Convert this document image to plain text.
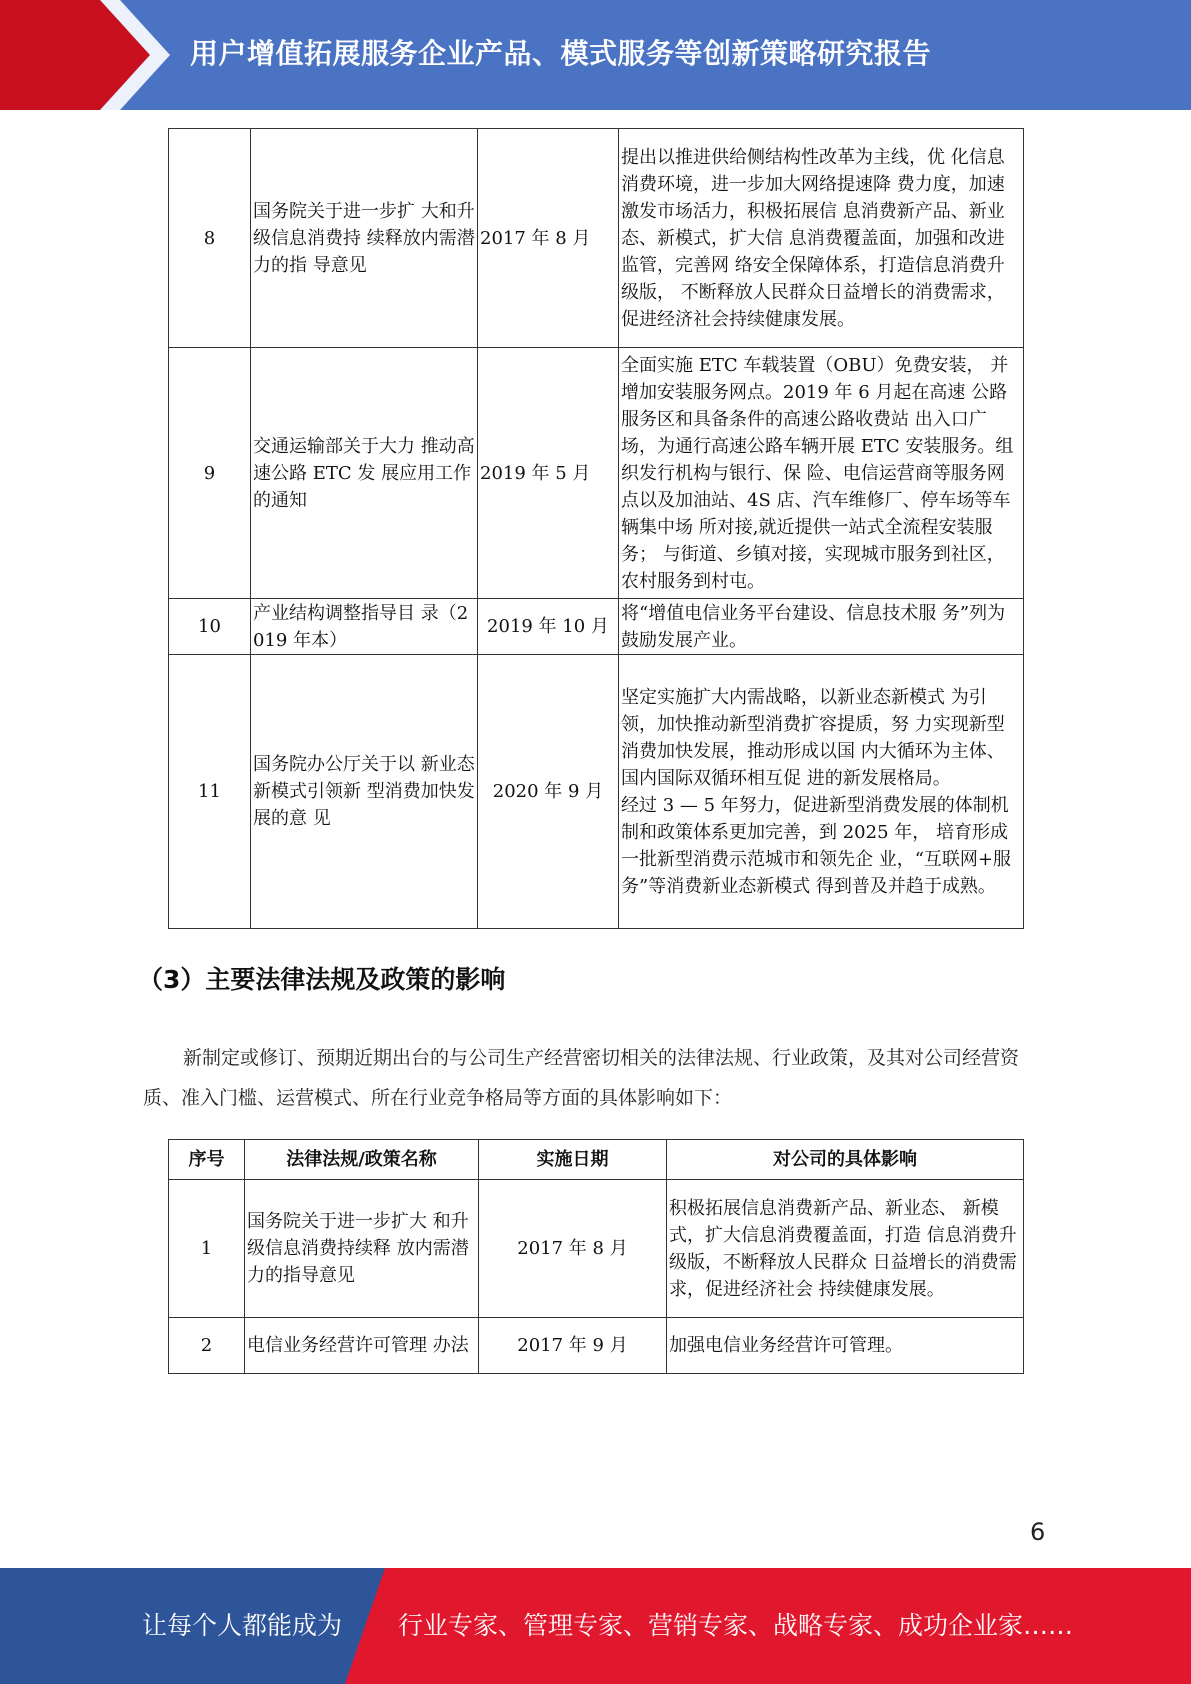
用户增值拓展服务企业产品、模式服务等创新策略研究报告
8	国务院关于进一步扩 大和升级信息消费持 续释放内需潜力的指 导意见	2017 年 8 月	提出以推进供给侧结构性改革为主线，优 化信息消费环境，进一步加大网络提速降 费力度，加速激发市场活力，积极拓展信 息消费新产品、新业态、新模式，扩大信 息消费覆盖面，加强和改进监管，完善网 络安全保障体系，打造信息消费升级版， 不断释放人民群众日益增长的消费需求， 促进经济社会持续健康发展。
9	交通运输部关于大力 推动高速公路 ETC 发 展应用工作的通知	2019 年 5 月	全面实施 ETC 车载装置（OBU）免费安装， 并增加安装服务网点。2019 年 6 月起在高速 公路服务区和具备条件的高速公路收费站 出入口广场，为通行高速公路车辆开展 ETC 安装服务。组织发行机构与银行、保 险、电信运营商等服务网点以及加油站、4S 店、汽车维修厂、停车场等车辆集中场 所对接,就近提供一站式全流程安装服务； 与街道、乡镇对接，实现城市服务到社区， 农村服务到村屯。
10	产业结构调整指导目 录（2019 年本）	2019 年 10 月	将“增值电信业务平台建设、信息技术服 务”列为鼓励发展产业。
11	国务院办公厅关于以 新业态新模式引领新 型消费加快发展的意 见	2020 年 9 月	坚定实施扩大内需战略，以新业态新模式 为引领，加快推动新型消费扩容提质，努 力实现新型消费加快发展，推动形成以国 内大循环为主体、国内国际双循环相互促 进的新发展格局。
经过 3 — 5 年努力，促进新型消费发展的体制机制和政策体系更加完善，到 2025 年， 培育形成一批新型消费示范城市和领先企 业，“互联网+服务”等消费新业态新模式 得到普及并趋于成熟。
（3）主要法律法规及政策的影响
新制定或修订、预期近期出台的与公司生产经营密切相关的法律法规、行业政策，及其对公司经营资质、准入门槛、运营模式、所在行业竞争格局等方面的具体影响如下：
序号	法律法规/政策名称	实施日期	对公司的具体影响
1	国务院关于进一步扩大 和升级信息消费持续释 放内需潜力的指导意见	2017 年 8 月	积极拓展信息消费新产品、新业态、 新模式，扩大信息消费覆盖面，打造 信息消费升级版，不断释放人民群众 日益增长的消费需求，促进经济社会 持续健康发展。
2	电信业务经营许可管理 办法	2017 年 9 月	加强电信业务经营许可管理。
6
让每个人都能成为 行业专家、管理专家、营销专家、战略专家、成功企业家……
